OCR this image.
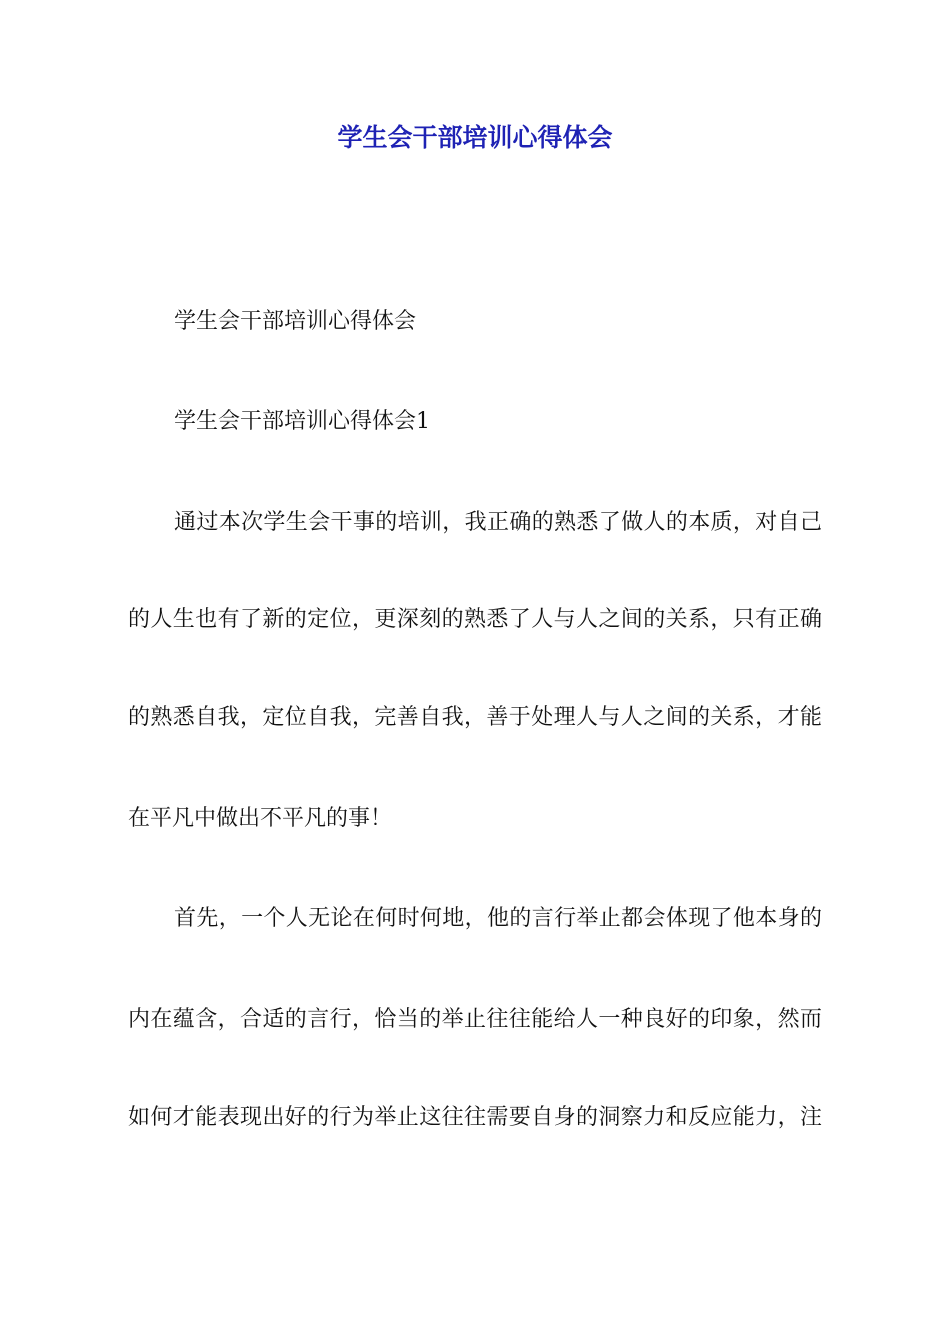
学生会干部培训心得体会
学生会干部培训心得体会
学生会干部培训心得体会1
通过本次学生会干事的培训，我正确的熟悉了做人的本质，对自己
的人生也有了新的定位，更深刻的熟悉了人与人之间的关系，只有正确
的熟悉自我，定位自我，完善自我，善于处理人与人之间的关系，才能
在平凡中做出不平凡的事！
首先，一个人无论在何时何地，他的言行举止都会体现了他本身的
内在蕴含，合适的言行，恰当的举止往往能给人一种良好的印象，然而
如何才能表现出好的行为举止这往往需要自身的洞察力和反应能力，注
